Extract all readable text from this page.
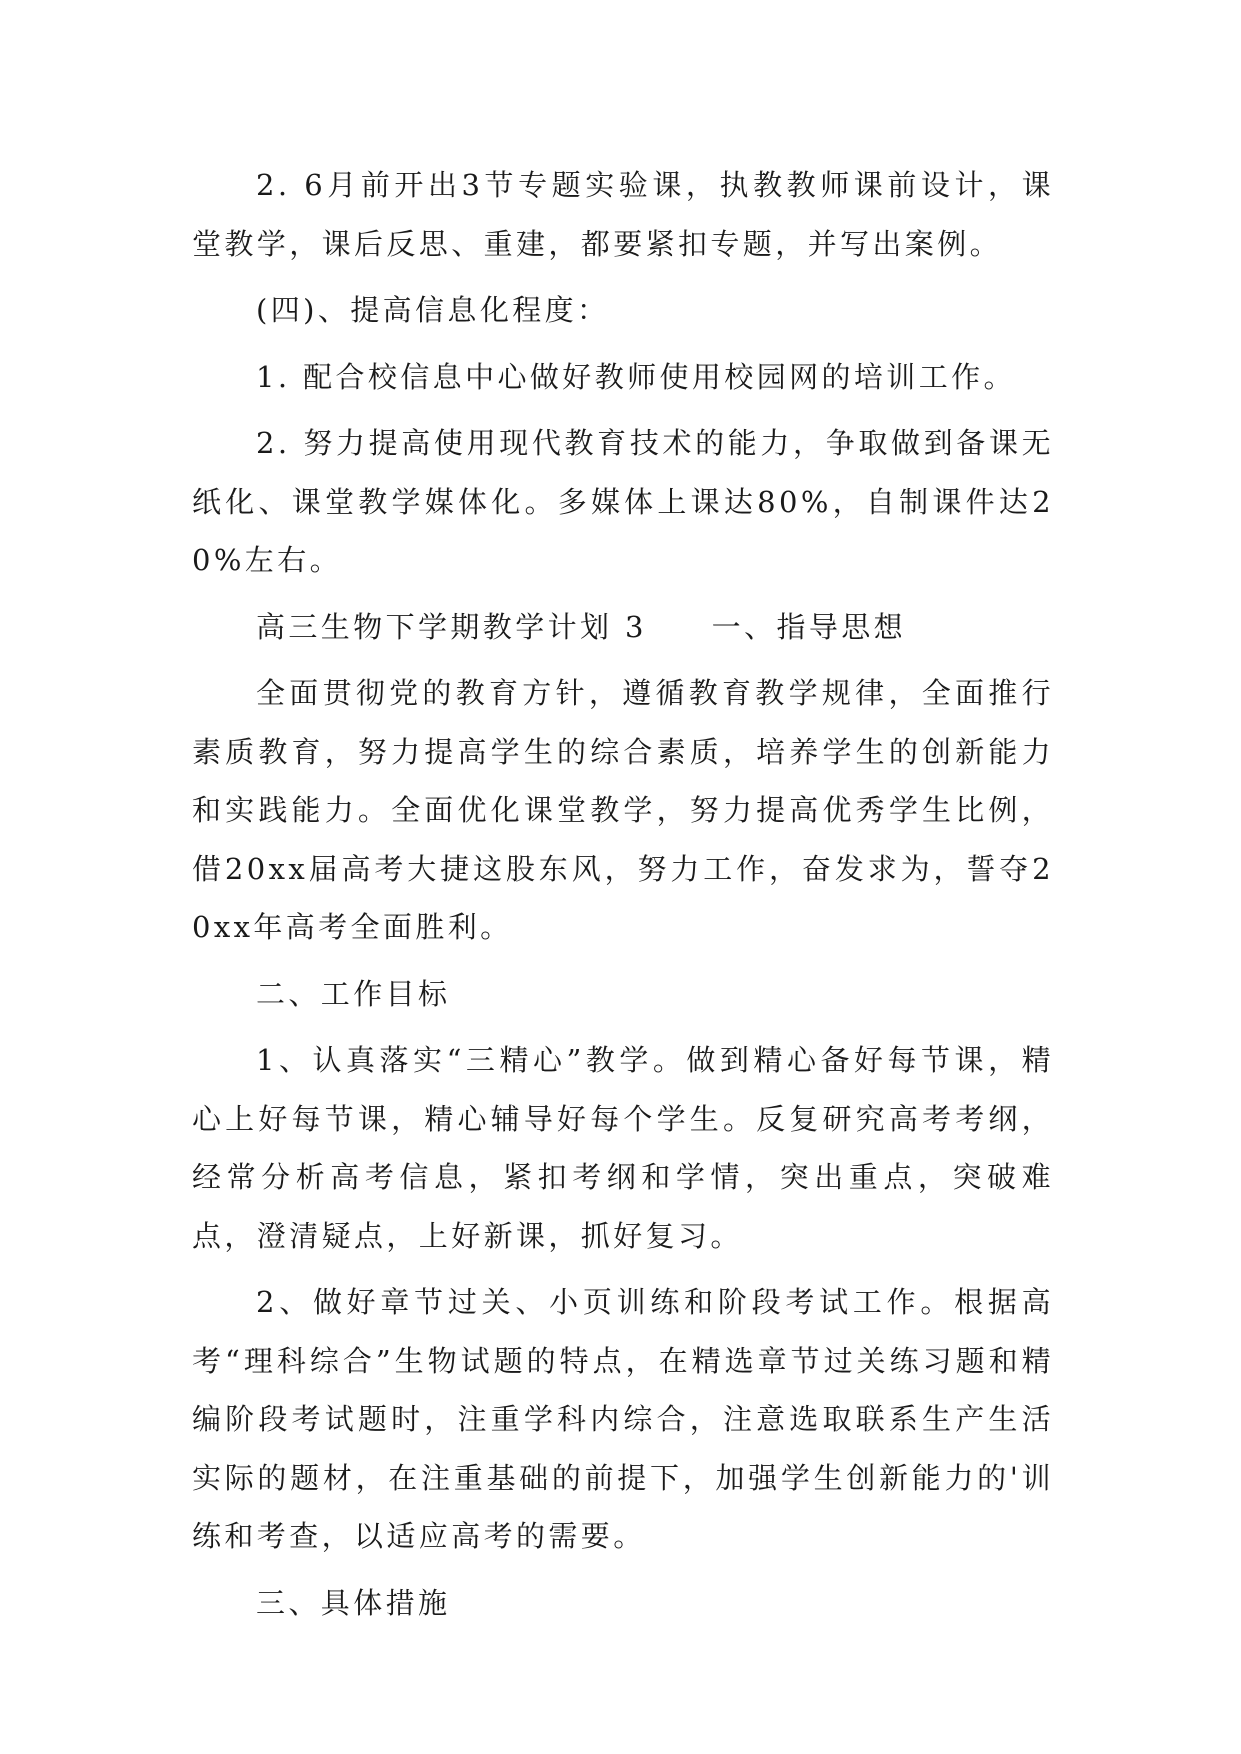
2. 6月前开出3节专题实验课，执教教师课前设计，课堂教学，课后反思、重建，都要紧扣专题，并写出案例。

(四)、提高信息化程度：

1. 配合校信息中心做好教师使用校园网的培训工作。

2. 努力提高使用现代教育技术的能力，争取做到备课无纸化、课堂教学媒体化。多媒体上课达80%，自制课件达20%左右。

高三生物下学期教学计划 3　　一、指导思想

全面贯彻党的教育方针，遵循教育教学规律，全面推行素质教育，努力提高学生的综合素质，培养学生的创新能力和实践能力。全面优化课堂教学，努力提高优秀学生比例，借20xx届高考大捷这股东风，努力工作，奋发求为，誓夺20xx年高考全面胜利。

二、工作目标

1、认真落实“三精心”教学。做到精心备好每节课，精心上好每节课，精心辅导好每个学生。反复研究高考考纲，经常分析高考信息，紧扣考纲和学情，突出重点，突破难点，澄清疑点，上好新课，抓好复习。

2、做好章节过关、小页训练和阶段考试工作。根据高考“理科综合”生物试题的特点，在精选章节过关练习题和精编阶段考试题时，注重学科内综合，注意选取联系生产生活实际的题材，在注重基础的前提下，加强学生创新能力的'训练和考查，以适应高考的需要。

三、具体措施
